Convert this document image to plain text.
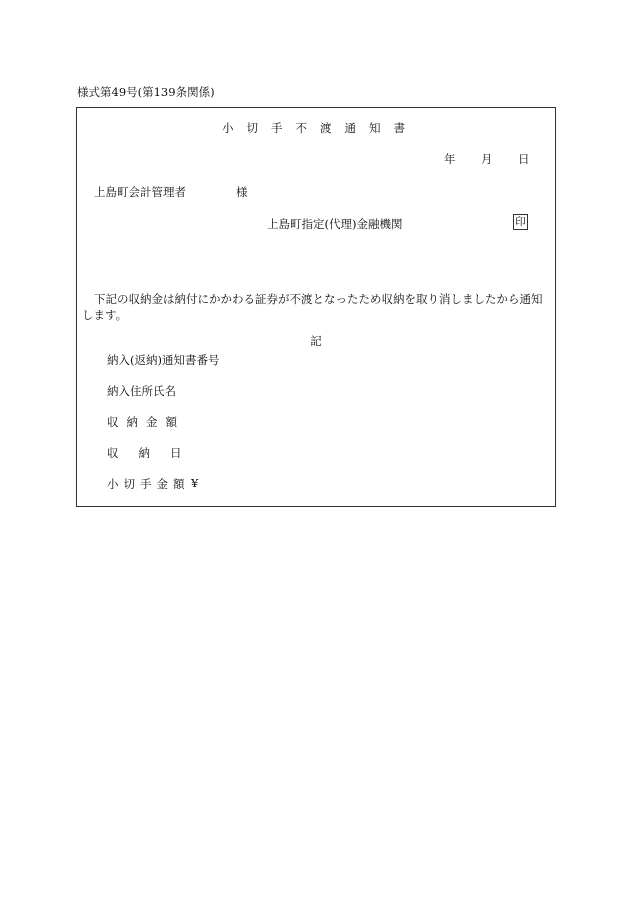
様式第49号(第139条関係)
小切手不渡通知書
年 月 日
上島町会計管理者	様
上島町指定(代理)金融機関	印
下記の収納金は納付にかかわる証券が不渡となったため収納を取り消しましたから通知します。
記
納入(返納)通知書番号
納入住所氏名
収納金額
収納日
小切手金額 ¥
